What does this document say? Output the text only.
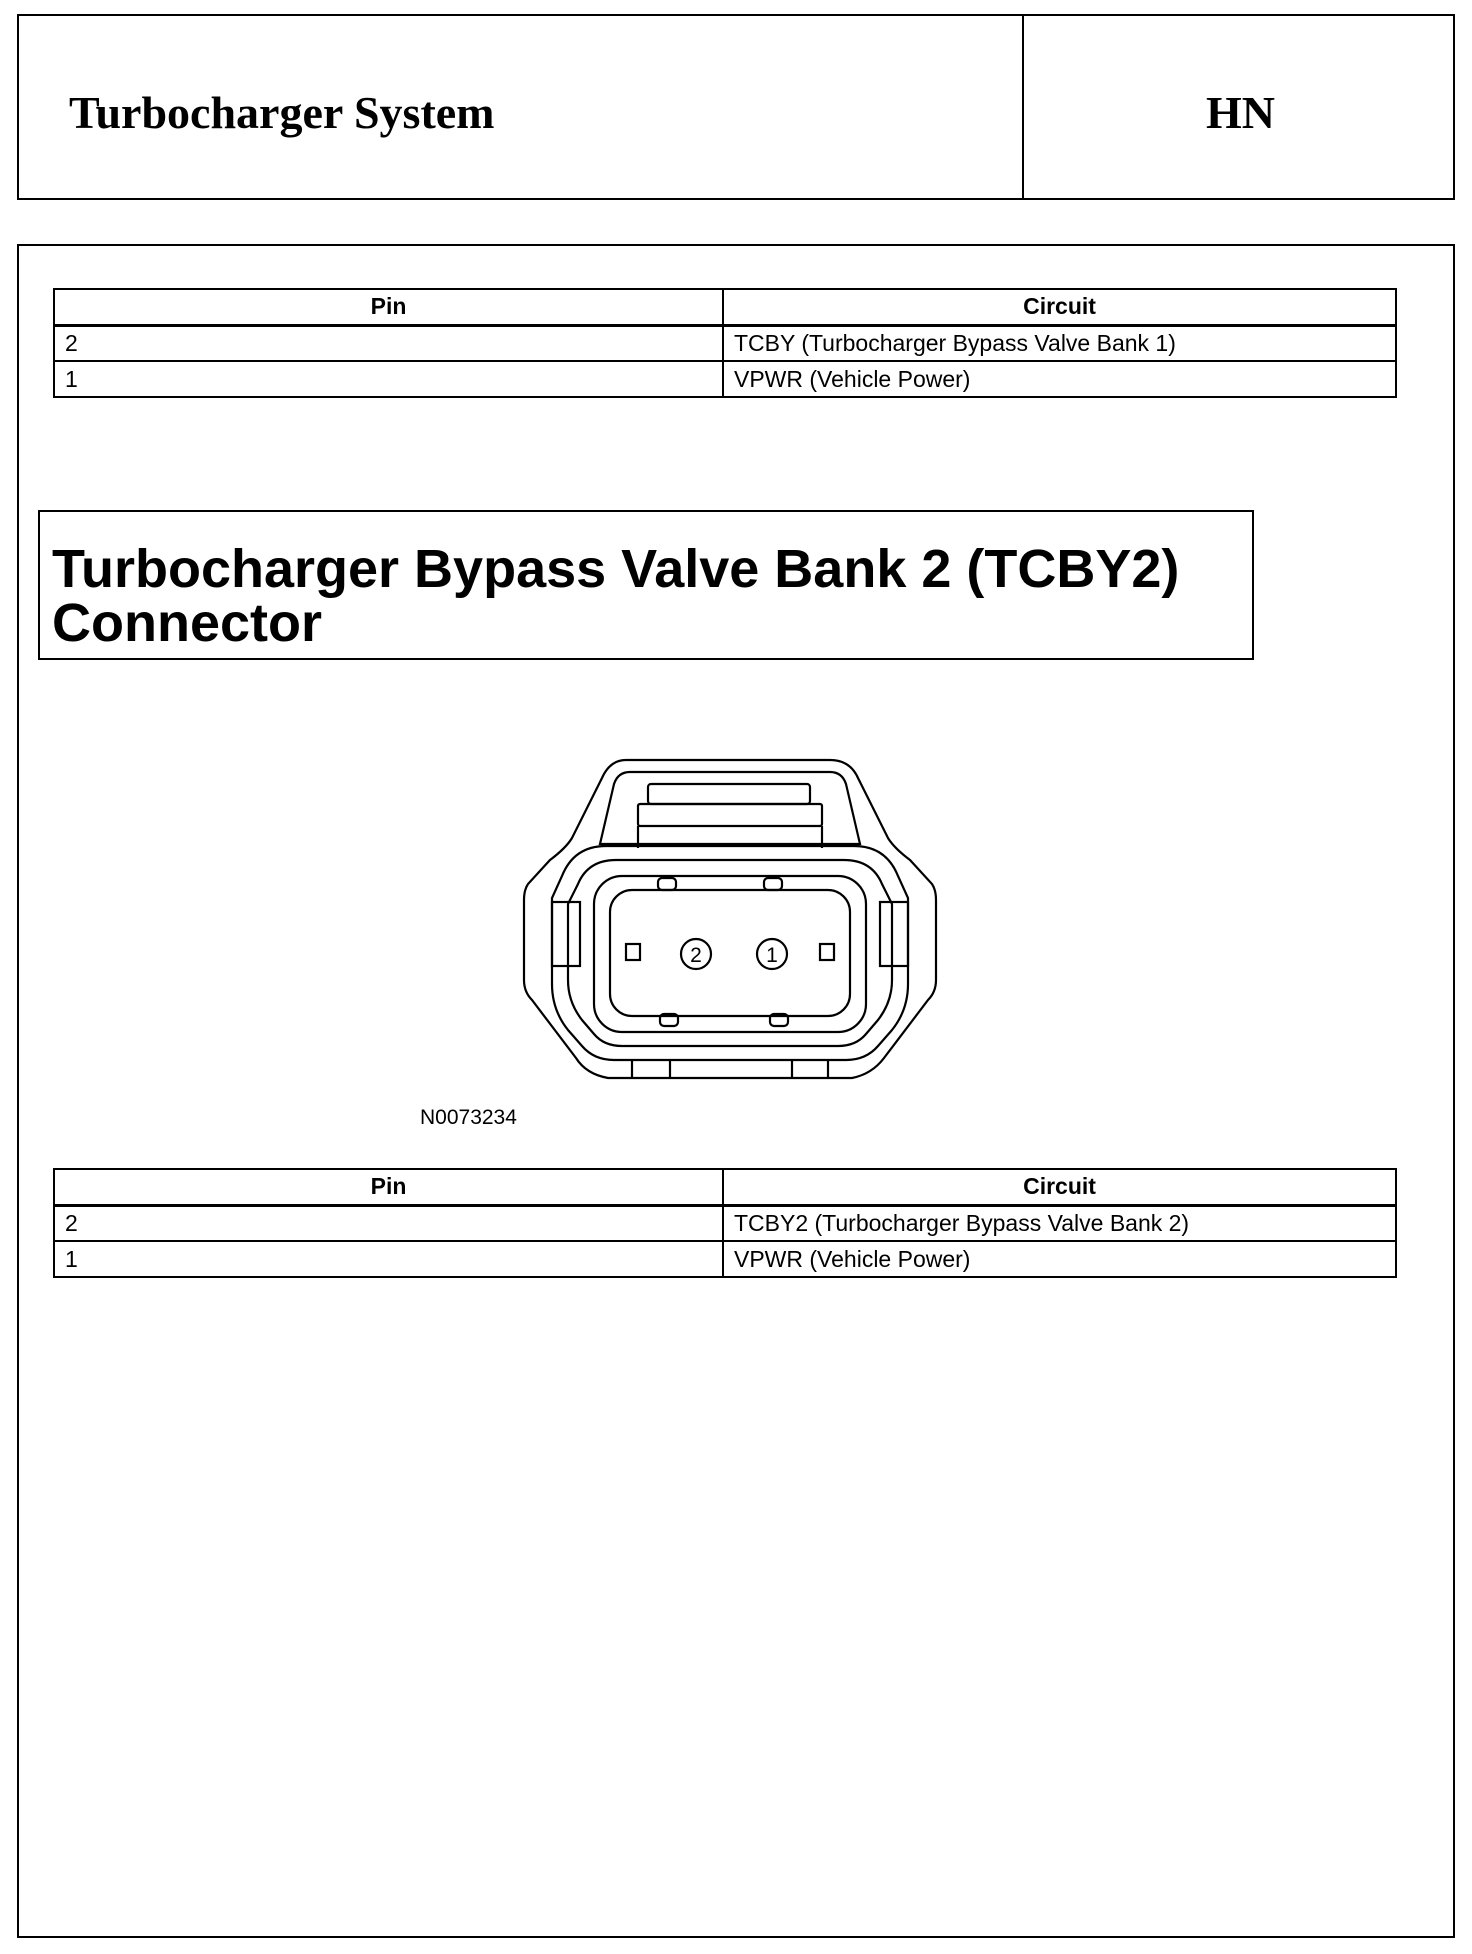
Turbocharger System	HN
Pin	Circuit
2	TCBY (Turbocharger Bypass Valve Bank 1)
1	VPWR (Vehicle Power)
Turbocharger Bypass Valve Bank 2 (TCBY2)
Connector
2	1
N0073234
Pin	Circuit
2	TCBY2 (Turbocharger Bypass Valve Bank 2)
1	VPWR (Vehicle Power)
